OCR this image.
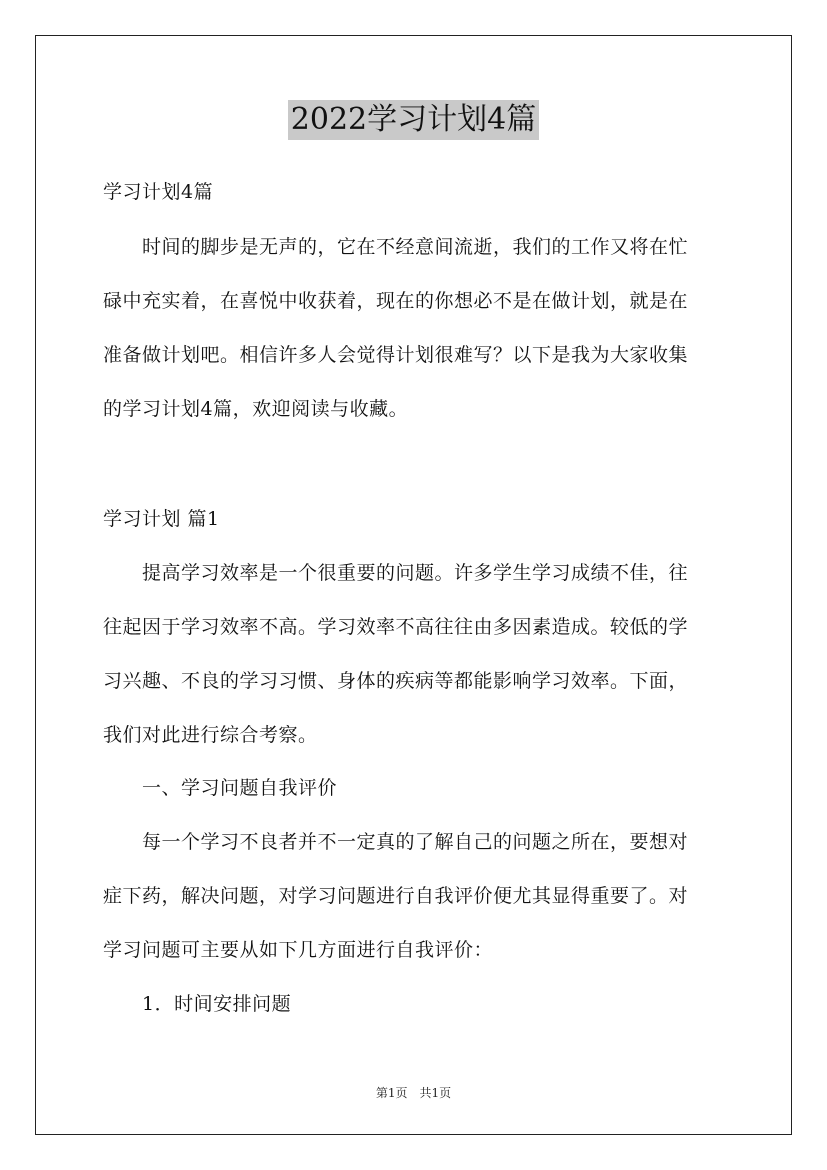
2022学习计划4篇
学习计划4篇
　　时间的脚步是无声的，它在不经意间流逝，我们的工作又将在忙
碌中充实着，在喜悦中收获着，现在的你想必不是在做计划，就是在
准备做计划吧。相信许多人会觉得计划很难写？以下是我为大家收集
的学习计划4篇，欢迎阅读与收藏。
学习计划 篇1
　　提高学习效率是一个很重要的问题。许多学生学习成绩不佳，往
往起因于学习效率不高。学习效率不高往往由多因素造成。较低的学
习兴趣、不良的学习习惯、身体的疾病等都能影响学习效率。下面，
我们对此进行综合考察。
　　一、学习问题自我评价
　　每一个学习不良者并不一定真的了解自己的问题之所在，要想对
症下药，解决问题，对学习问题进行自我评价便尤其显得重要了。对
学习问题可主要从如下几方面进行自我评价：
　　1．时间安排问题
第1页　共1页
